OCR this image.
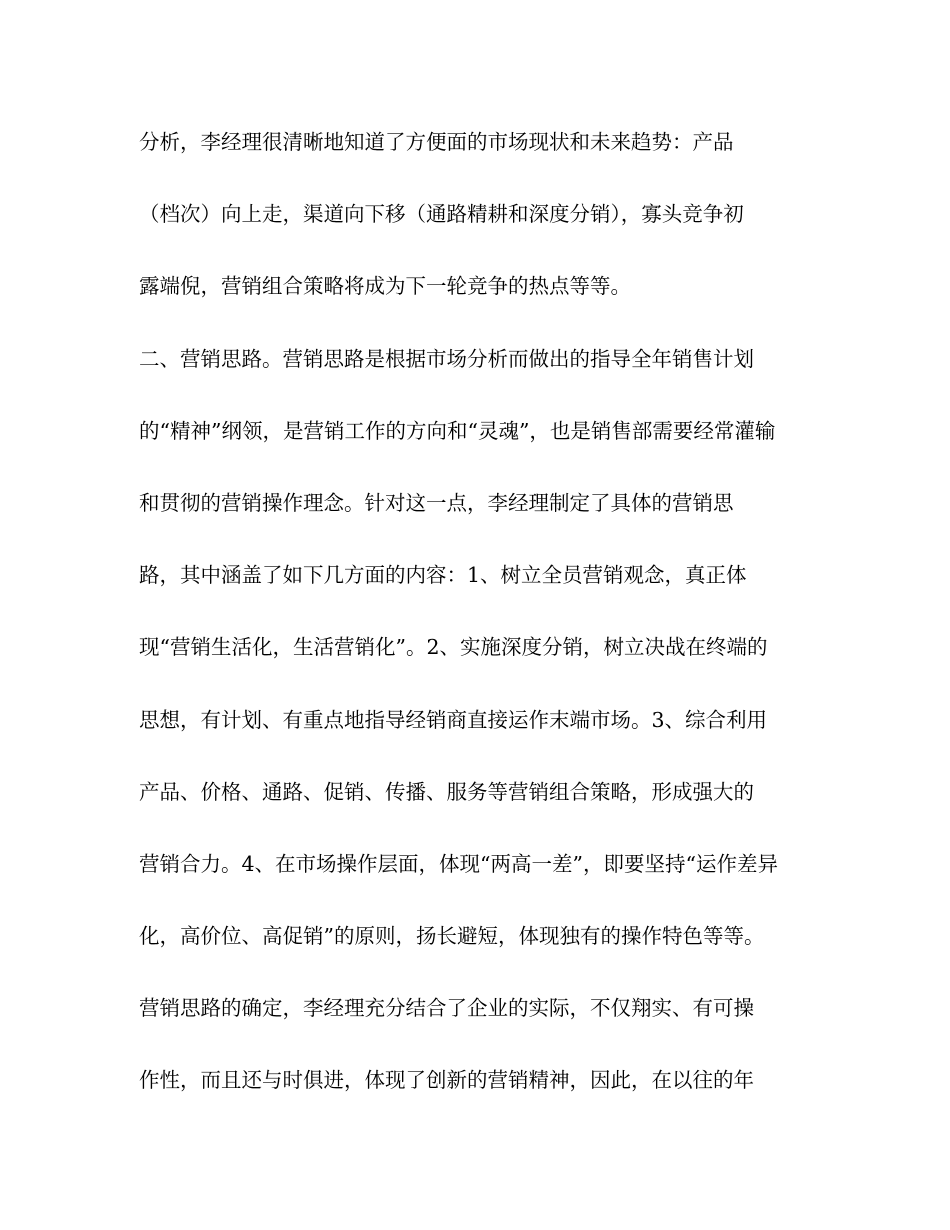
分析，李经理很清晰地知道了方便面的市场现状和未来趋势：产品
（档次）向上走，渠道向下移（通路精耕和深度分销），寡头竞争初
露端倪，营销组合策略将成为下一轮竞争的热点等等。
二、营销思路。营销思路是根据市场分析而做出的指导全年销售计划
的“精神”纲领，是营销工作的方向和“灵魂”，也是销售部需要经常灌输
和贯彻的营销操作理念。针对这一点，李经理制定了具体的营销思
路，其中涵盖了如下几方面的内容：1、树立全员营销观念，真正体
现“营销生活化，生活营销化”。2、实施深度分销，树立决战在终端的
思想，有计划、有重点地指导经销商直接运作末端市场。3、综合利用
产品、价格、通路、促销、传播、服务等营销组合策略，形成强大的
营销合力。4、在市场操作层面，体现“两高一差”，即要坚持“运作差异
化，高价位、高促销”的原则，扬长避短，体现独有的操作特色等等。
营销思路的确定，李经理充分结合了企业的实际，不仅翔实、有可操
作性，而且还与时俱进，体现了创新的营销精神，因此，在以往的年
